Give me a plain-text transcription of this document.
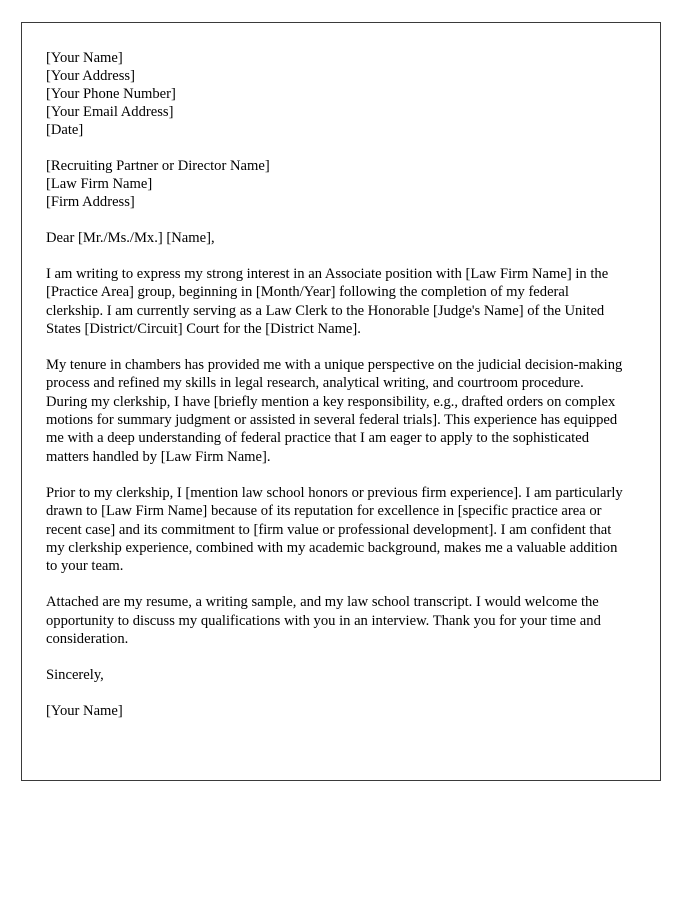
[Your Name]
[Your Address]
[Your Phone Number]
[Your Email Address]
[Date]
[Recruiting Partner or Director Name]
[Law Firm Name]
[Firm Address]

Dear [Mr./Ms./Mx.] [Name],

I am writing to express my strong interest in an Associate position with [Law Firm Name] in the [Practice Area] group, beginning in [Month/Year] following the completion of my federal clerkship. I am currently serving as a Law Clerk to the Honorable [Judge's Name] of the United States [District/Circuit] Court for the [District Name].

My tenure in chambers has provided me with a unique perspective on the judicial decision-making process and refined my skills in legal research, analytical writing, and courtroom procedure. During my clerkship, I have [briefly mention a key responsibility, e.g., drafted orders on complex motions for summary judgment or assisted in several federal trials]. This experience has equipped me with a deep understanding of federal practice that I am eager to apply to the sophisticated matters handled by [Law Firm Name].

Prior to my clerkship, I [mention law school honors or previous firm experience]. I am particularly drawn to [Law Firm Name] because of its reputation for excellence in [specific practice area or recent case] and its commitment to [firm value or professional development]. I am confident that my clerkship experience, combined with my academic background, makes me a valuable addition to your team.

Attached are my resume, a writing sample, and my law school transcript. I would welcome the opportunity to discuss my qualifications with you in an interview. Thank you for your time and consideration.

Sincerely,

[Your Name]
